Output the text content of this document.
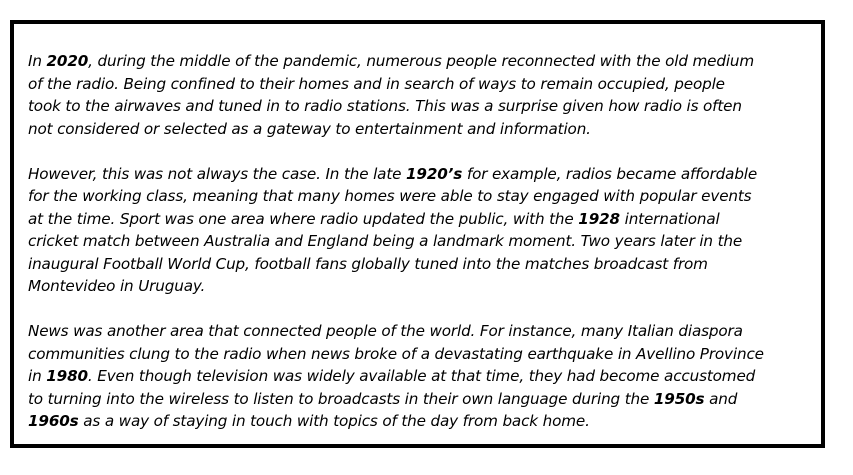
In 2020, during the middle of the pandemic, numerous people reconnected with the old medium
of the radio. Being confined to their homes and in search of ways to remain occupied, people
took to the airwaves and tuned in to radio stations. This was a surprise given how radio is often
not considered or selected as a gateway to entertainment and information.

However, this was not always the case. In the late 1920’s for example, radios became affordable
for the working class, meaning that many homes were able to stay engaged with popular events
at the time. Sport was one area where radio updated the public, with the 1928 international
cricket match between Australia and England being a landmark moment. Two years later in the
inaugural Football World Cup, football fans globally tuned into the matches broadcast from
Montevideo in Uruguay.

News was another area that connected people of the world. For instance, many Italian diaspora
communities clung to the radio when news broke of a devastating earthquake in Avellino Province
in 1980. Even though television was widely available at that time, they had become accustomed
to turning into the wireless to listen to broadcasts in their own language during the 1950s and
1960s as a way of staying in touch with topics of the day from back home.
